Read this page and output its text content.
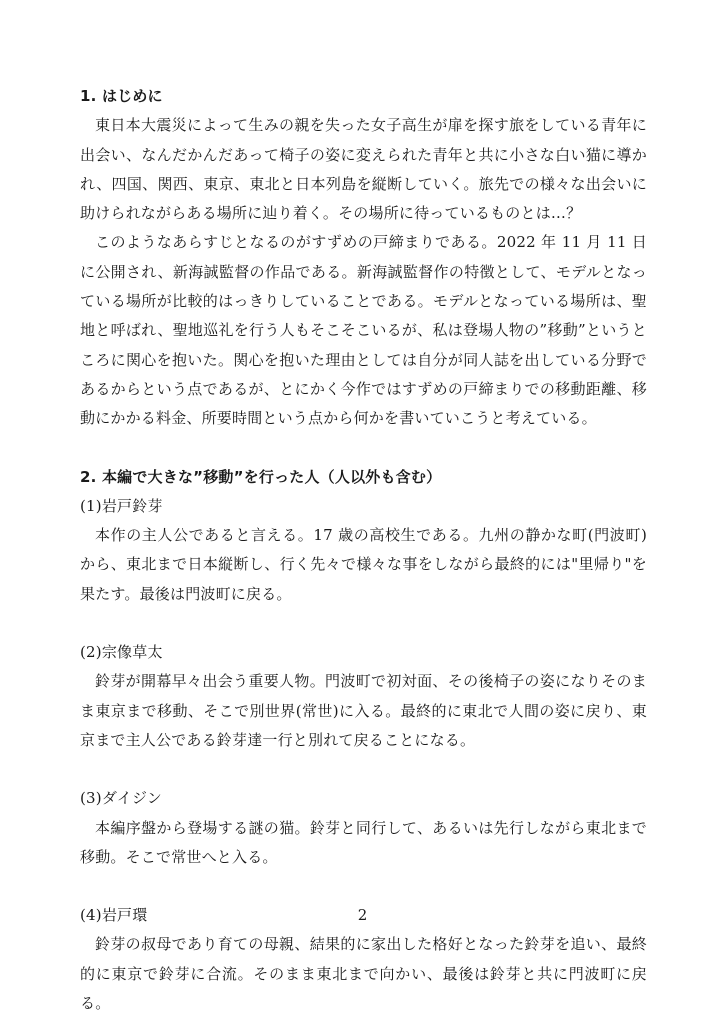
1. はじめに

東日本大震災によって生みの親を失った女子高生が扉を探す旅をしている青年に出会い、なんだかんだあって椅子の姿に変えられた青年と共に小さな白い猫に導かれ、四国、関西、東京、東北と日本列島を縦断していく。旅先での様々な出会いに助けられながらある場所に辿り着く。その場所に待っているものとは…？

このようなあらすじとなるのがすずめの戸締まりである。2022 年 11 月 11 日に公開され、新海誠監督の作品である。新海誠監督作の特徴として、モデルとなっている場所が比較的はっきりしていることである。モデルとなっている場所は、聖地と呼ばれ、聖地巡礼を行う人もそこそこいるが、私は登場人物の”移動”というところに関心を抱いた。関心を抱いた理由としては自分が同人誌を出している分野であるからという点であるが、とにかく今作ではすずめの戸締まりでの移動距離、移動にかかる料金、所要時間という点から何かを書いていこうと考えている。

2. 本編で大きな”移動”を行った人（人以外も含む）

(1)岩戸鈴芽

本作の主人公であると言える。17 歳の高校生である。九州の静かな町(門波町)から、東北まで日本縦断し、行く先々で様々な事をしながら最終的には"里帰り"を果たす。最後は門波町に戻る。

(2)宗像草太

鈴芽が開幕早々出会う重要人物。門波町で初対面、その後椅子の姿になりそのまま東京まで移動、そこで別世界(常世)に入る。最終的に東北で人間の姿に戻り、東京まで主人公である鈴芽達一行と別れて戻ることになる。

(3)ダイジン

本編序盤から登場する謎の猫。鈴芽と同行して、あるいは先行しながら東北まで移動。そこで常世へと入る。

(4)岩戸環

鈴芽の叔母であり育ての母親、結果的に家出した格好となった鈴芽を追い、最終的に東京で鈴芽に合流。そのまま東北まで向かい、最後は鈴芽と共に門波町に戻る。

2
